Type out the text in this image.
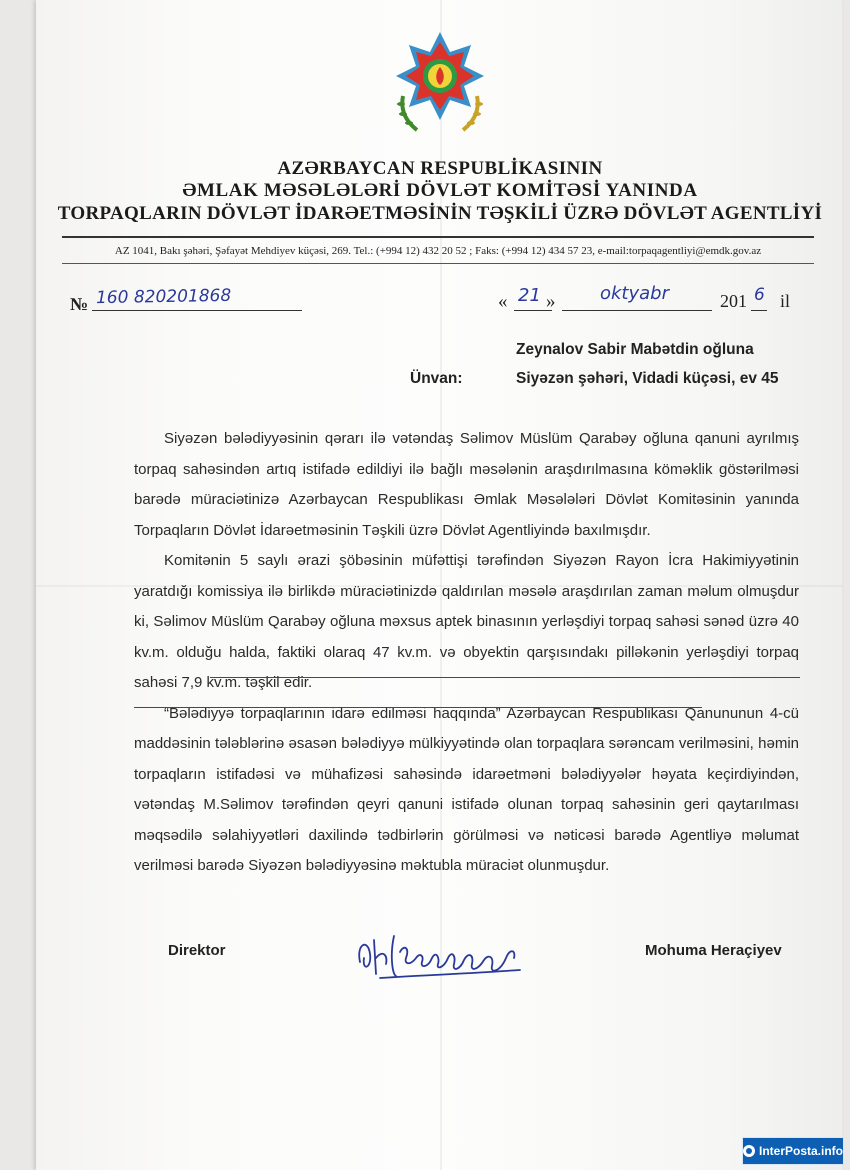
AZƏRBAYCAN RESPUBLİKASININ
ƏMLAK MƏSƏLƏLƏRİ DÖVLƏT KOMİTƏSİ YANINDA
TORPAQLARIN DÖVLƏT İDARƏETMƏSİNİN TƏŞKİLİ ÜZRƏ DÖVLƏT AGENTLİYİ
AZ 1041, Bakı şəhəri, Şəfayət Mehdiyev küçəsi, 269. Tel.: (+994 12) 432 20 52 ; Faks: (+994 12) 434 57 23, e-mail:torpaqagentliyi@emdk.gov.az
№ 160 820201868	« 21 » oktyabr	201 6 il
Zeynalov Sabir Mabətdin oğluna
Ünvan:	Siyəzən şəhəri, Vidadi küçəsi, ev 45

Siyəzən bələdiyyəsinin qərarı ilə vətəndaş Səlimov Müslüm Qarabəy oğluna qanuni ayrılmış torpaq sahəsindən artıq istifadə edildiyi ilə bağlı məsələnin araşdırılmasına köməklik göstərilməsi barədə müraciətinizə Azərbaycan Respublikası Əmlak Məsələləri Dövlət Komitəsinin yanında Torpaqların Dövlət İdarəetməsinin Təşkili üzrə Dövlət Agentliyində baxılmışdır.

Komitənin 5 saylı ərazi şöbəsinin müfəttişi tərəfindən Siyəzən Rayon İcra Hakimiyyətinin yaratdığı komissiya ilə birlikdə müraciətinizdə qaldırılan məsələ araşdırılan zaman məlum olmuşdur ki, Səlimov Müslüm Qarabəy oğluna məxsus aptek binasının yerləşdiyi torpaq sahəsi sənəd üzrə 40 kv.m. olduğu halda, faktiki olaraq 47 kv.m. və obyektin qarşısındakı pilləkənin yerləşdiyi torpaq sahəsi 7,9 kv.m. təşkil edir.

“Bələdiyyə torpaqlarının idarə edilməsi haqqında” Azərbaycan Respublikası Qanununun 4-cü maddəsinin tələblərinə əsasən bələdiyyə mülkiyyətində olan torpaqlara sərəncam verilməsini, həmin torpaqların istifadəsi və mühafizəsi sahəsində idarəetməni bələdiyyələr həyata keçirdiyindən, vətəndaş M.Səlimov tərəfindən qeyri qanuni istifadə olunan torpaq sahəsinin geri qaytarılması məqsədilə səlahiyyətləri daxilində tədbirlərin görülməsi və nəticəsi barədə Agentliyə məlumat verilməsi barədə Siyəzən bələdiyyəsinə məktubla müraciət olunmuşdur.

Direktor	Mohuma Heraçiyev
InterPosta.info
